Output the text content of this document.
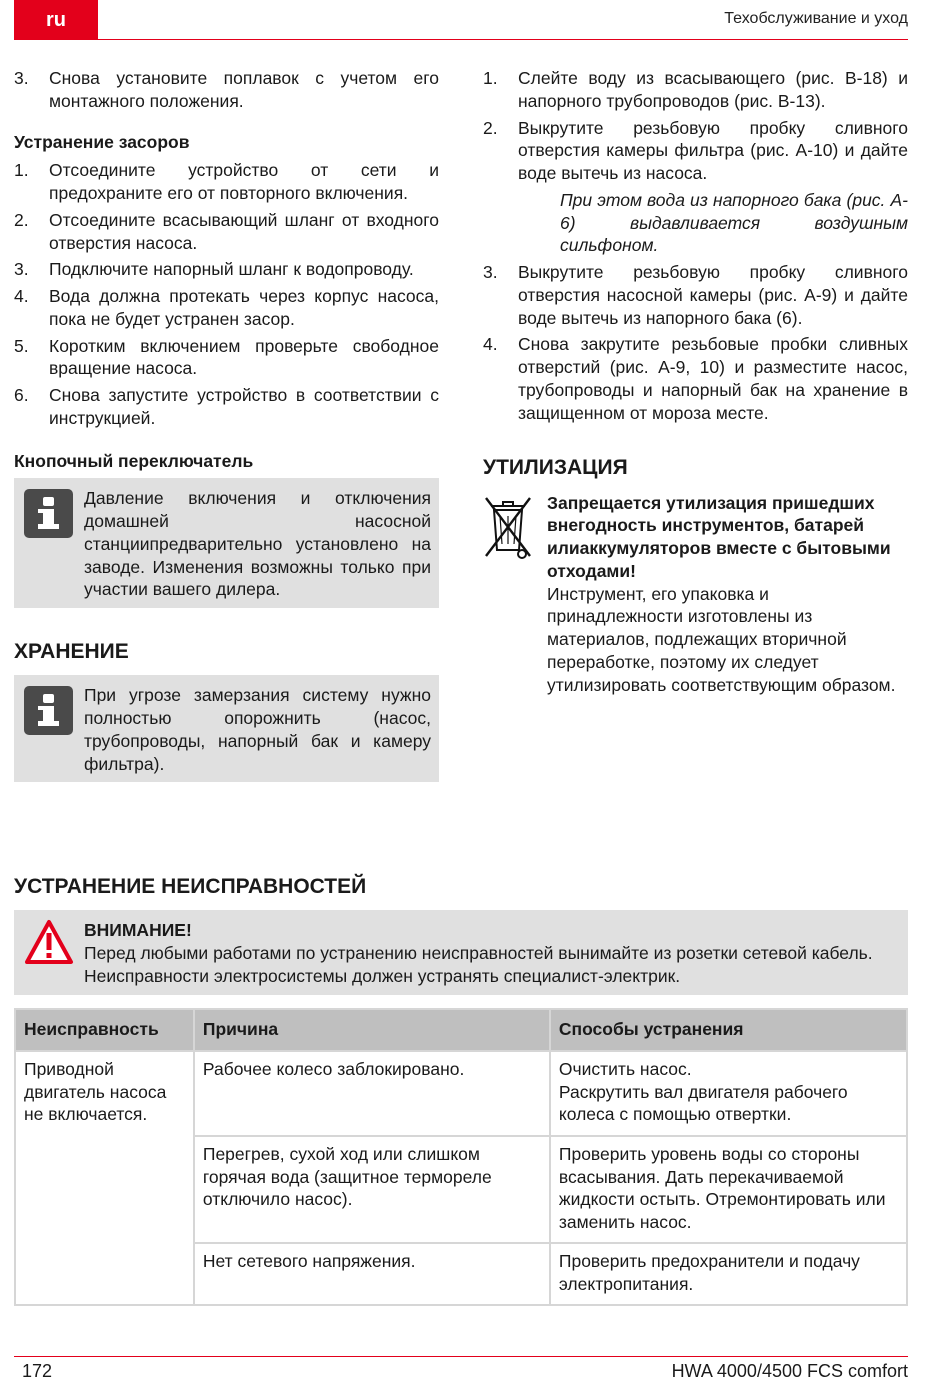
ru	Техобслуживание и уход
3.	Снова установите поплавок с учетом его монтажного положения.
Устранение засоров
1.	Отсоедините устройство от сети и предохраните его от повторного включения.
2.	Отсоедините всасывающий шланг от входного отверстия насоса.
3.	Подключите напорный шланг к водопроводу.
4.	Вода должна протекать через корпус насоса, пока не будет устранен засор.
5.	Коротким включением проверьте свободное вращение насоса.
6.	Снова запустите устройство в соответствии с инструкцией.
Кнопочный переключатель
Давление включения и отключения домашней насосной станциипредварительно установлено на заводе. Изменения возможны только при участии вашего дилера.
ХРАНЕНИЕ
При угрозе замерзания систему нужно полностью опорожнить (насос, трубопроводы, напорный бак и камеру фильтра).
1.	Слейте воду из всасывающего (рис. B-18) и напорного трубопроводов (рис. B-13).
2.	Выкрутите резьбовую пробку сливного отверстия камеры фильтра (рис. A-10) и дайте воде вытечь из насоса.
При этом вода из напорного бака (рис. A-6) выдавливается воздушным сильфоном.
3.	Выкрутите резьбовую пробку сливного отверстия насосной камеры (рис. A-9) и дайте воде вытечь из напорного бака (6).
4.	Снова закрутите резьбовые пробки сливных отверстий (рис. A-9, 10) и разместите насос, трубопроводы и напорный бак на хранение в защищенном от мороза месте.
УТИЛИЗАЦИЯ
Запрещается утилизация пришедших внегодность инструментов, батарей илиаккумуляторов вместе с бытовыми отходами!
Инструмент, его упаковка и принадлежности изготовлены из материалов, подлежащих вторичной переработке, поэтому их следует утилизировать соответствующим образом.
УСТРАНЕНИЕ НЕИСПРАВНОСТЕЙ
ВНИМАНИЕ!
Перед любыми работами по устранению неисправностей вынимайте из розетки сетевой кабель. Неисправности электросистемы должен устранять специалист-электрик.
Неисправность	Причина	Способы устранения
Приводной двигатель насоса не включается.	Рабочее колесо заблокировано.	Очистить насос.
Раскрутить вал двигателя рабочего колеса с помощью отвертки.

	Перегрев, сухой ход или слишком горячая вода (защитное термореле отключило насос).	Проверить уровень воды со стороны всасывания. Дать перекачиваемой жидкости остыть. Отремонтировать или заменить насос.
	Нет сетевого напряжения.	Проверить предохранители и подачу электропитания.
172	HWA 4000/4500 FCS comfort
